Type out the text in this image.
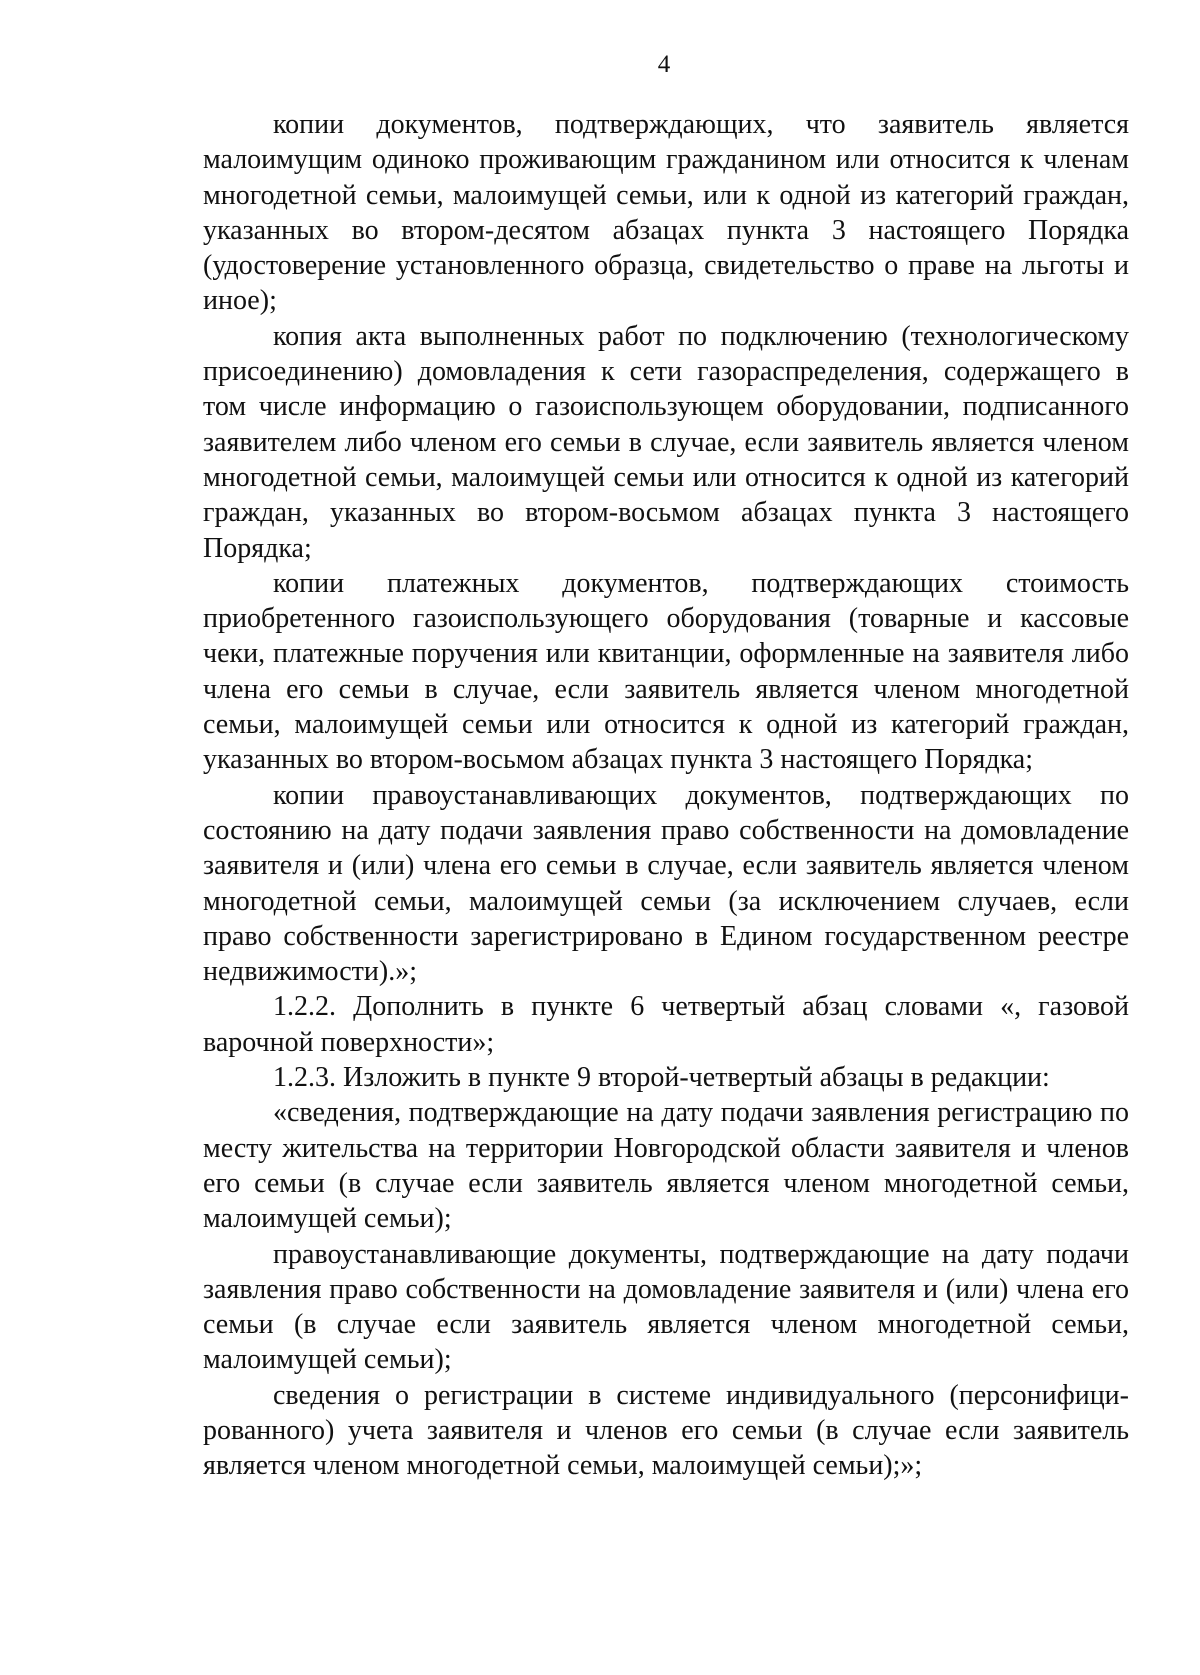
4

копии документов, подтверждающих, что заявитель является малоимущим одиноко проживающим гражданином или относится к членам многодетной семьи, малоимущей семьи, или к одной из категорий граждан, указанных во втором-десятом абзацах пункта 3 настоящего Порядка (удостоверение установленного образца, свидетельство о праве на льготы и иное);

копия акта выполненных работ по подключению (технологическому присоединению) домовладения к сети газораспределения, содержащего в том числе информацию о газоиспользующем оборудовании, подписанного заявителем либо членом его семьи в случае, если заявитель является членом многодетной семьи, малоимущей семьи или относится к одной из категорий граждан, указанных во втором-восьмом абзацах пункта 3 настоящего Порядка;

копии платежных документов, подтверждающих стоимость приобретенного газоиспользующего оборудования (товарные и кассовые чеки, платежные поручения или квитанции, оформленные на заявителя либо члена его семьи в случае, если заявитель является членом многодетной семьи, малоимущей семьи или относится к одной из категорий граждан, указанных во втором-восьмом абзацах пункта 3 настоящего Порядка;

копии правоустанавливающих документов, подтверждающих по состоянию на дату подачи заявления право собственности на домовладение заявителя и (или) члена его семьи в случае, если заявитель является членом многодетной семьи, малоимущей семьи (за исключением случаев, если право собственности зарегистрировано в Едином государственном реестре недвижимости).»;

1.2.2. Дополнить в пункте 6 четвертый абзац словами «, газовой варочной поверхности»;

1.2.3. Изложить в пункте 9 второй-четвертый абзацы в редакции:

«сведения, подтверждающие на дату подачи заявления регистрацию по месту жительства на территории Новгородской области заявителя и членов его семьи (в случае если заявитель является членом многодетной семьи, малоимущей семьи);

правоустанавливающие документы, подтверждающие на дату подачи заявления право собственности на домовладение заявителя и (или) члена его семьи (в случае если заявитель является членом многодетной семьи, малоимущей семьи);

сведения о регистрации в системе индивидуального (персонифици-рованного) учета заявителя и членов его семьи (в случае если заявитель является членом многодетной семьи, малоимущей семьи);»;
